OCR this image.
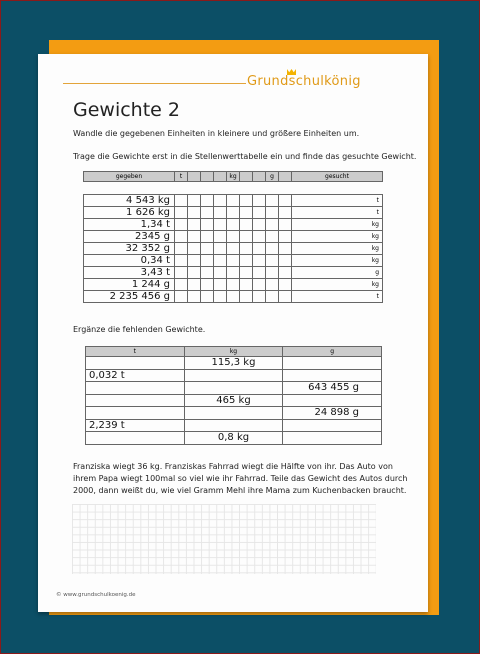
Grundschulkönig
Gewichte 2
Wandle die gegebenen Einheiten in kleinere und größere Einheiten um.
Trage die Gewichte erst in die Stellenwerttabelle ein und finde das gesuchte Gewicht.
gegeben	t				kg			g		gesucht

4 543 kg										t
1 626 kg										t
1,34 t										kg
2345 g										kg
32 352 g										kg
0,34 t										kg
3,43 t										g
1 244 g										kg
2 235 456 g										t
Ergänze die fehlenden Gewichte.
t	kg	g
	115,3 kg	
0,032 t		
		643 455 g
	465 kg	
		24 898 g
2,239 t		
	0,8 kg	
Franziska wiegt 36 kg. Franziskas Fahrrad wiegt die Hälfte von ihr. Das Auto von
ihrem Papa wiegt 100mal so viel wie ihr Fahrrad. Teile das Gewicht des Autos durch
2000, dann weißt du, wie viel Gramm Mehl ihre Mama zum Kuchenbacken braucht.
© www.grundschulkoenig.de
